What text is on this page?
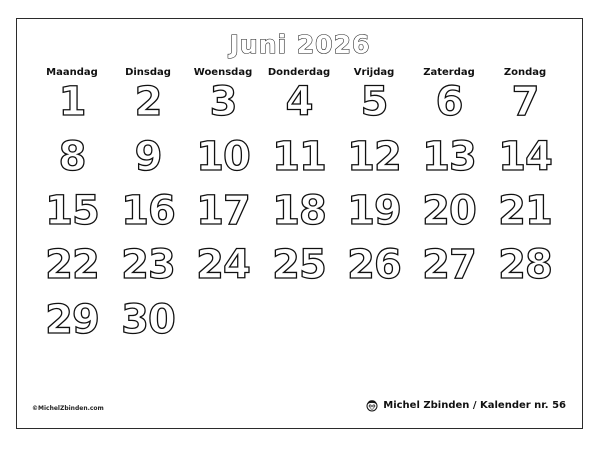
Juni 2026
Maandag	Dinsdag	Woensdag	Donderdag	Vrijdag	Zaterdag	Zondag
1	2	3	4	5	6	7
8	9 10 11 12 13 14
15 16 17 18 19 20 21
22 23 24 25 26 27 28
29 30
©MichelZbinden.com	Michel Zbinden / Kalender nr. 56
